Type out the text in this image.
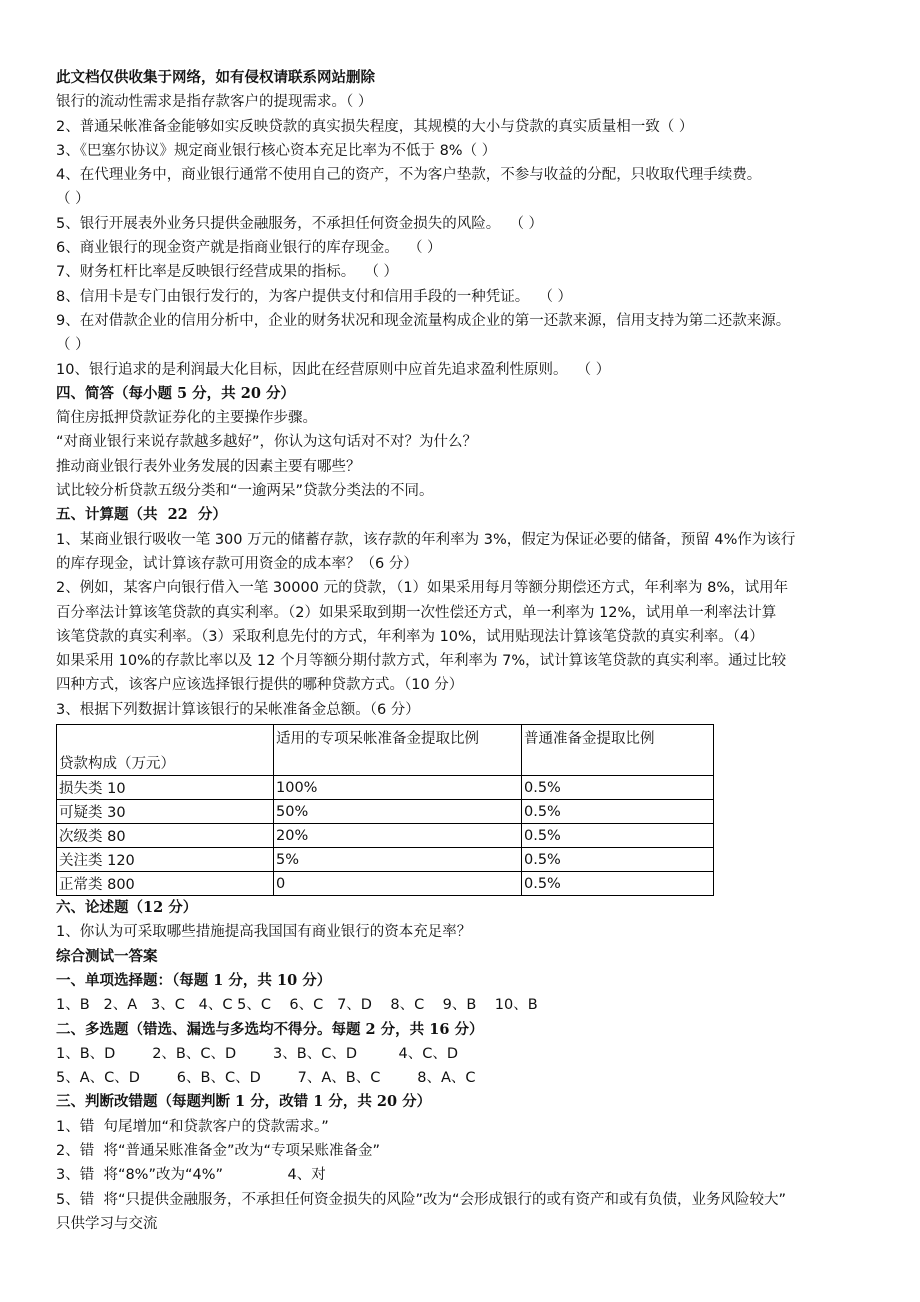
此文档仅供收集于网络，如有侵权请联系网站删除
银行的流动性需求是指存款客户的提现需求。（ ）
2、普通呆帐准备金能够如实反映贷款的真实损失程度，其规模的大小与贷款的真实质量相一致（ ）
3、《巴塞尔协议》规定商业银行核心资本充足比率为不低于 8%（ ）
4、在代理业务中，商业银行通常不使用自己的资产，不为客户垫款，不参与收益的分配，只收取代理手续费。
（ ）
5、银行开展表外业务只提供金融服务，不承担任何资金损失的风险。  （ ）
6、商业银行的现金资产就是指商业银行的库存现金。  （ ）
7、财务杠杆比率是反映银行经营成果的指标。  （ ）
8、信用卡是专门由银行发行的，为客户提供支付和信用手段的一种凭证。  （ ）
9、在对借款企业的信用分析中，企业的财务状况和现金流量构成企业的第一还款来源，信用支持为第二还款来源。
（ ）
10、银行追求的是利润最大化目标，因此在经营原则中应首先追求盈利性原则。  （ ）
四、简答（每小题 5 分，共 20 分）
简住房抵押贷款证券化的主要操作步骤。
“对商业银行来说存款越多越好”，你认为这句话对不对？为什么？
推动商业银行表外业务发展的因素主要有哪些？
试比较分析贷款五级分类和“一逾两呆”贷款分类法的不同。
五、计算题（共  22  分）
1、某商业银行吸收一笔 300 万元的储蓄存款，该存款的年利率为 3%，假定为保证必要的储备，预留 4%作为该行
的库存现金，试计算该存款可用资金的成本率？（6 分）
2、例如，某客户向银行借入一笔 30000 元的贷款，（1）如果采用每月等额分期偿还方式，年利率为 8%，试用年
百分率法计算该笔贷款的真实利率。（2）如果采取到期一次性偿还方式，单一利率为 12%，试用单一利率法计算
该笔贷款的真实利率。（3）采取利息先付的方式，年利率为 10%，试用贴现法计算该笔贷款的真实利率。（4）
如果采用 10%的存款比率以及 12 个月等额分期付款方式，年利率为 7%，试计算该笔贷款的真实利率。通过比较
四种方式，该客户应该选择银行提供的哪种贷款方式。（10 分）
3、根据下列数据计算该银行的呆帐准备金总额。（6 分）
贷款构成（万元）	适用的专项呆帐准备金提取比例	普通准备金提取比例
损失类 10	100%	0.5%
可疑类 30	50%	0.5%
次级类 80	20%	0.5%
关注类 120	5%	0.5%
正常类 800	0	0.5%
六、论述题（12 分）
1、你认为可采取哪些措施提高我国国有商业银行的资本充足率？
综合测试一答案
一、单项选择题：（每题 1 分，共 10 分）
1、B   2、A   3、C   4、C 5、C    6、C   7、D    8、C    9、B    10、B
二、多选题（错选、漏选与多选均不得分。每题 2 分，共 16 分）
1、B、D        2、B、C、D        3、B、C、D         4、C、D
5、A、C、D        6、B、C、D        7、A、B、C        8、A、C
三、判断改错题（每题判断 1 分，改错 1 分，共 20 分）
1、错  句尾增加“和贷款客户的贷款需求。”
2、错  将“普通呆账准备金”改为“专项呆账准备金”
3、错  将“8%”改为“4%”              4、对
5、错  将“只提供金融服务，不承担任何资金损失的风险”改为“会形成银行的或有资产和或有负债，业务风险较大”
只供学习与交流
